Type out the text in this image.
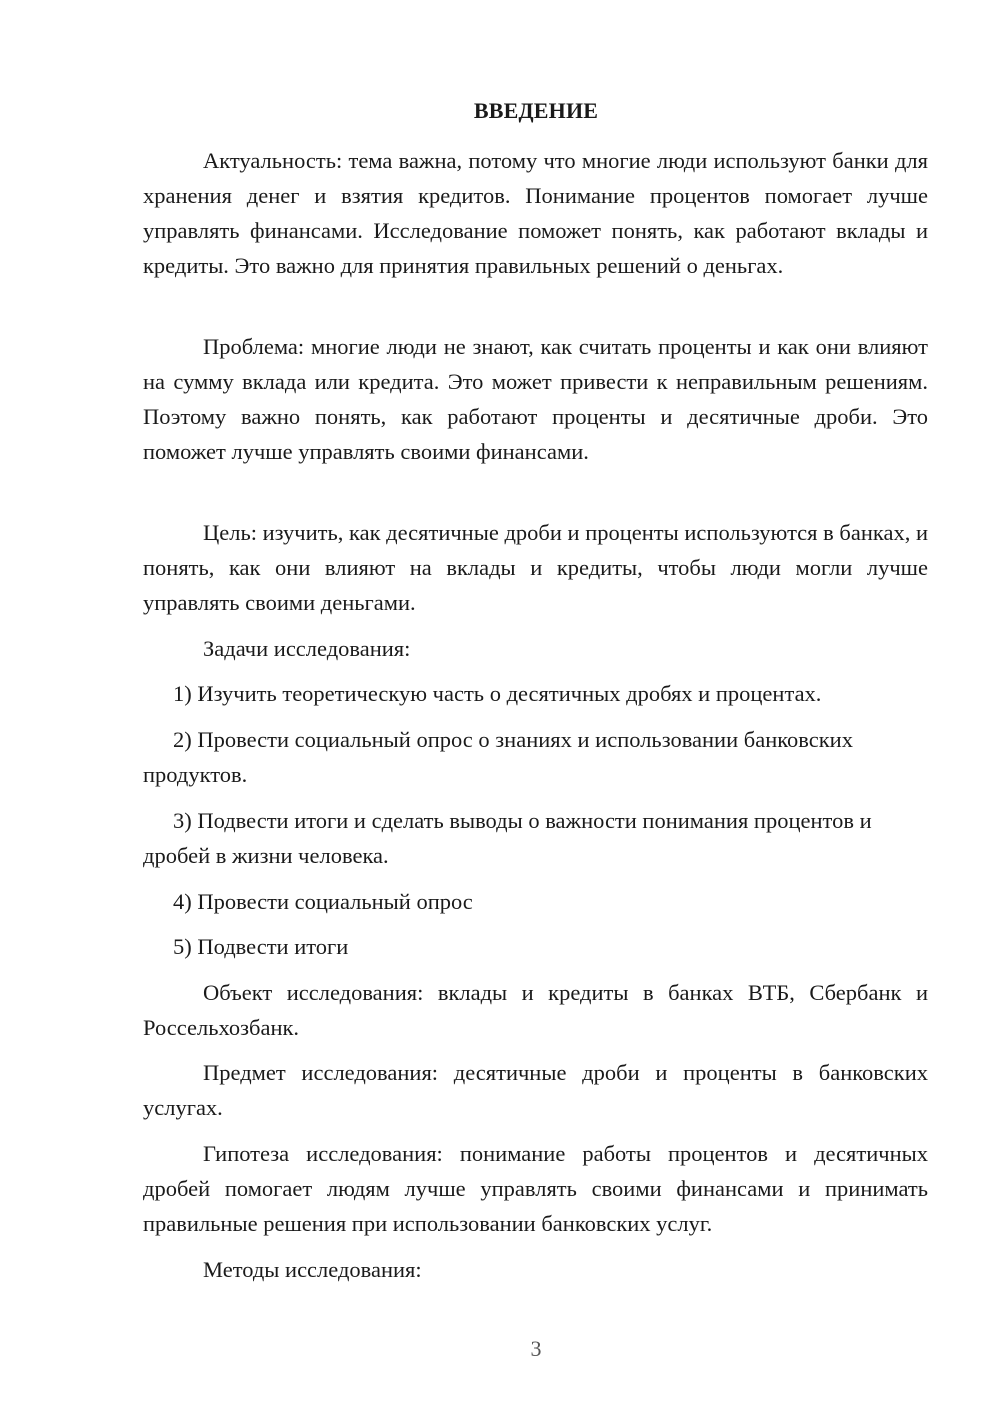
ВВЕДЕНИЕ

Актуальность: тема важна, потому что многие люди используют банки для хранения денег и взятия кредитов. Понимание процентов помогает лучше управлять финансами. Исследование поможет понять, как работают вклады и кредиты. Это важно для принятия правильных решений о деньгах.

Проблема: многие люди не знают, как считать проценты и как они влияют на сумму вклада или кредита. Это может привести к неправильным решениям. Поэтому важно понять, как работают проценты и десятичные дроби. Это поможет лучше управлять своими финансами.

Цель: изучить, как десятичные дроби и проценты используются в банках, и понять, как они влияют на вклады и кредиты, чтобы люди могли лучше управлять своими деньгами.

Задачи исследования:

1) Изучить теоретическую часть о десятичных дробях и процентах.

2) Провести социальный опрос о знаниях и использовании банковских продуктов.

3) Подвести итоги и сделать выводы о важности понимания процентов и дробей в жизни человека.

4) Провести социальный опрос

5) Подвести итоги

Объект исследования: вклады и кредиты в банках ВТБ, Сбербанк и Россельхозбанк.

Предмет исследования: десятичные дроби и проценты в банковских услугах.

Гипотеза исследования: понимание работы процентов и десятичных дробей помогает людям лучше управлять своими финансами и принимать правильные решения при использовании банковских услуг.

Методы исследования:

3
